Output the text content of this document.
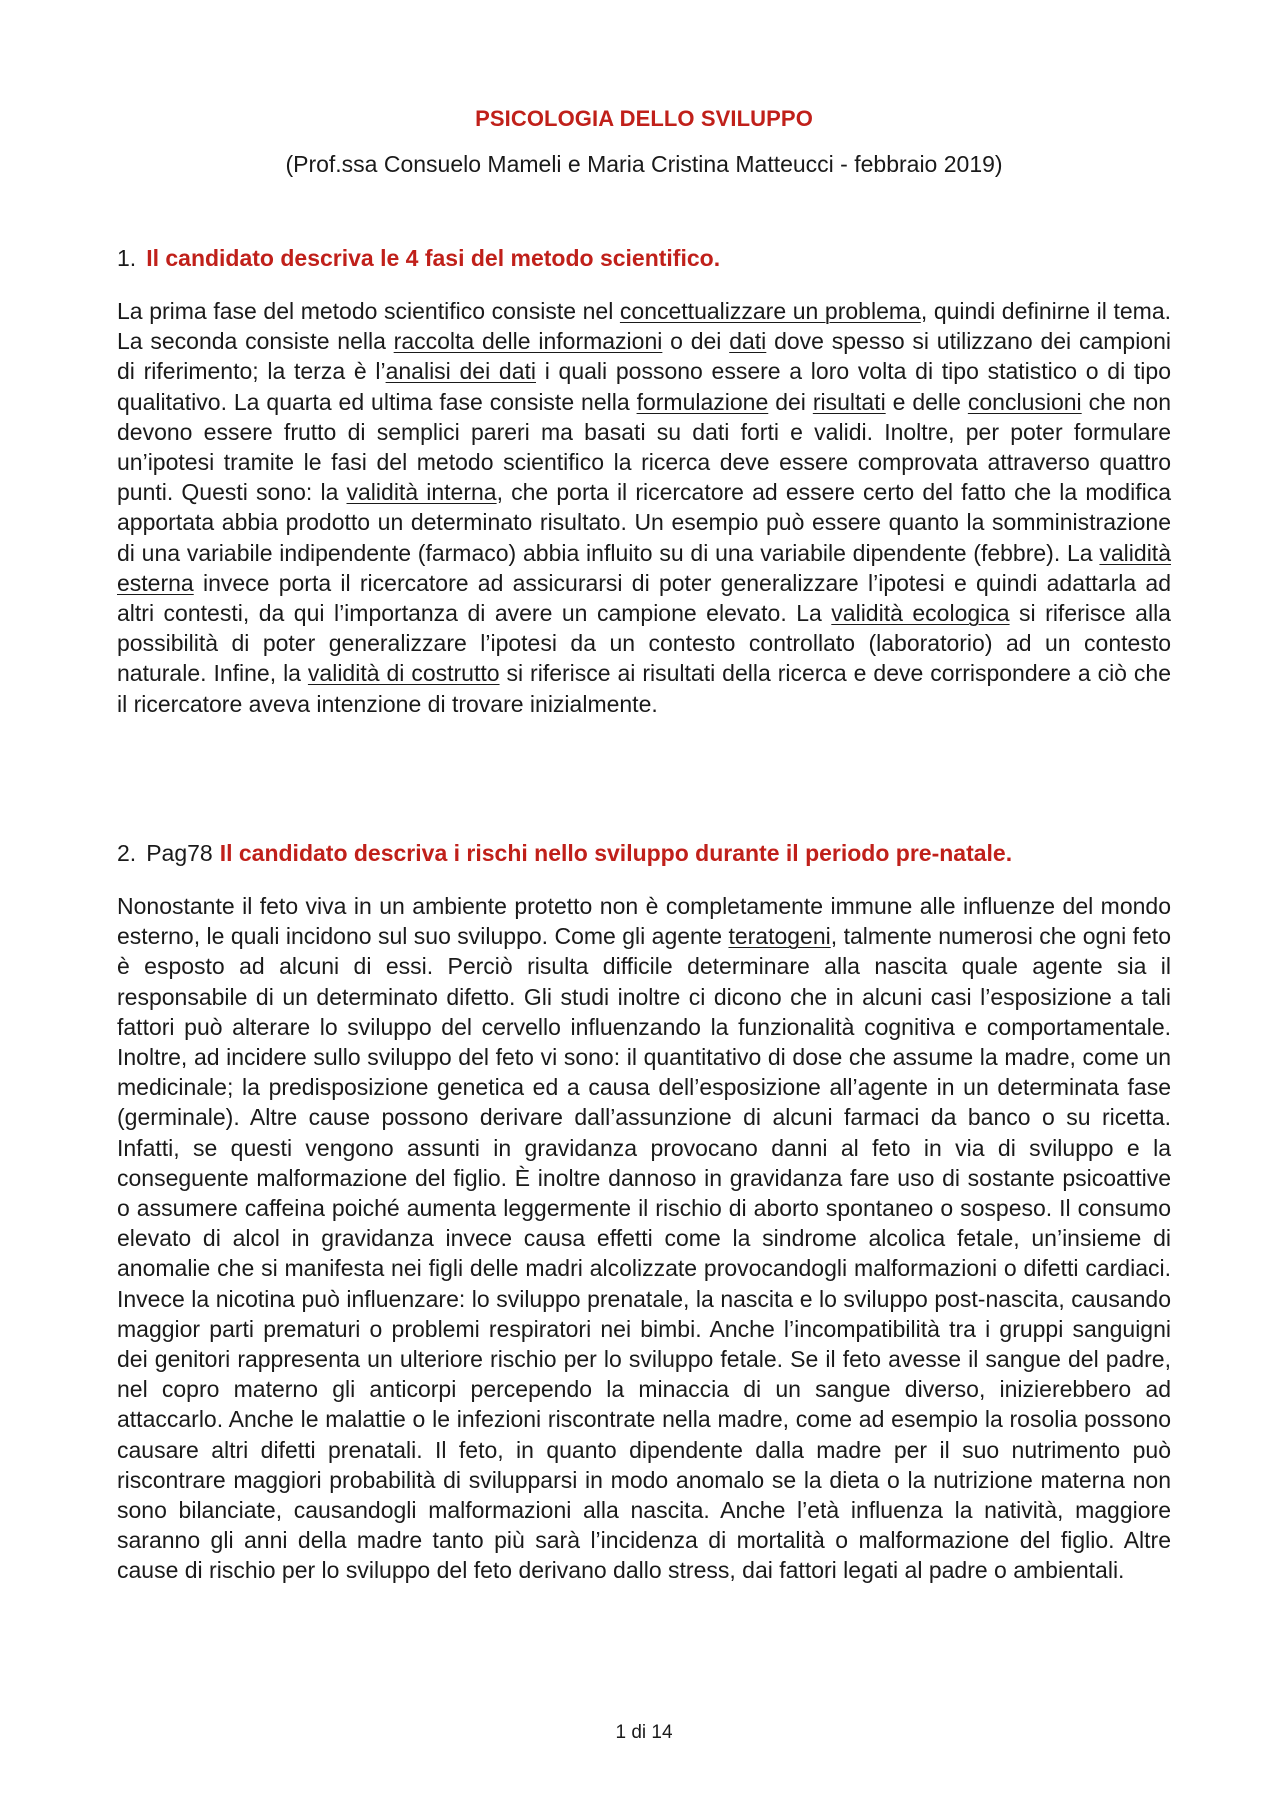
PSICOLOGIA DELLO SVILUPPO

(Prof.ssa Consuelo Mameli e Maria Cristina Matteucci - febbraio 2019)

1. Il candidato descriva le 4 fasi del metodo scientifico.

La prima fase del metodo scientifico consiste nel concettualizzare un problema, quindi definirne il tema. La seconda consiste nella raccolta delle informazioni o dei dati dove spesso si utilizzano dei campioni di riferimento; la terza è l’analisi dei dati i quali possono essere a loro volta di tipo statistico o di tipo qualitativo. La quarta ed ultima fase consiste nella formulazione dei risultati e delle conclusioni che non devono essere frutto di semplici pareri ma basati su dati forti e validi. Inoltre, per poter formulare un’ipotesi tramite le fasi del metodo scientifico la ricerca deve essere comprovata attraverso quattro punti. Questi sono: la validità interna, che porta il ricercatore ad essere certo del fatto che la modifica apportata abbia prodotto un determinato risultato. Un esempio può essere quanto la somministrazione di una variabile indipendente (farmaco) abbia influito su di una variabile dipendente (febbre). La validità esterna invece porta il ricercatore ad assicurarsi di poter generalizzare l’ipotesi e quindi adattarla ad altri contesti, da qui l’importanza di avere un campione elevato. La validità ecologica si riferisce alla possibilità di poter generalizzare l’ipotesi da un contesto controllato (laboratorio) ad un contesto naturale. Infine, la validità di costrutto si riferisce ai risultati della ricerca e deve corrispondere a ciò che il ricercatore aveva intenzione di trovare inizialmente.

2. Pag78 Il candidato descriva i rischi nello sviluppo durante il periodo pre-natale.

Nonostante il feto viva in un ambiente protetto non è completamente immune alle influenze del mondo esterno, le quali incidono sul suo sviluppo. Come gli agente teratogeni, talmente numerosi che ogni feto è esposto ad alcuni di essi. Perciò risulta difficile determinare alla nascita quale agente sia il responsabile di un determinato difetto. Gli studi inoltre ci dicono che in alcuni casi l’esposizione a tali fattori può alterare lo sviluppo del cervello influenzando la funzionalità cognitiva e comportamentale. Inoltre, ad incidere sullo sviluppo del feto vi sono: il quantitativo di dose che assume la madre, come un medicinale; la predisposizione genetica ed a causa dell’esposizione all’agente in un determinata fase (germinale). Altre cause possono derivare dall’assunzione di alcuni farmaci da banco o su ricetta. Infatti, se questi vengono assunti in gravidanza provocano danni al feto in via di sviluppo e la conseguente malformazione del figlio. È inoltre dannoso in gravidanza fare uso di sostante psicoattive o assumere caffeina poiché aumenta leggermente il rischio di aborto spontaneo o sospeso. Il consumo elevato di alcol in gravidanza invece causa effetti come la sindrome alcolica fetale, un’insieme di anomalie che si manifesta nei figli delle madri alcolizzate provocandogli malformazioni o difetti cardiaci. Invece la nicotina può influenzare: lo sviluppo prenatale, la nascita e lo sviluppo post-nascita, causando maggior parti prematuri o problemi respiratori nei bimbi. Anche l’incompatibilità tra i gruppi sanguigni dei genitori rappresenta un ulteriore rischio per lo sviluppo fetale. Se il feto avesse il sangue del padre, nel copro materno gli anticorpi percependo la minaccia di un sangue diverso, inizierebbero ad attaccarlo. Anche le malattie o le infezioni riscontrate nella madre, come ad esempio la rosolia possono causare altri difetti prenatali. Il feto, in quanto dipendente dalla madre per il suo nutrimento può riscontrare maggiori probabilità di svilupparsi in modo anomalo se la dieta o la nutrizione materna non sono bilanciate, causandogli malformazioni alla nascita. Anche l’età influenza la natività, maggiore saranno gli anni della madre tanto più sarà l’incidenza di mortalità o malformazione del figlio. Altre cause di rischio per lo sviluppo del feto derivano dallo stress, dai fattori legati al padre o ambientali.

1 di 14
